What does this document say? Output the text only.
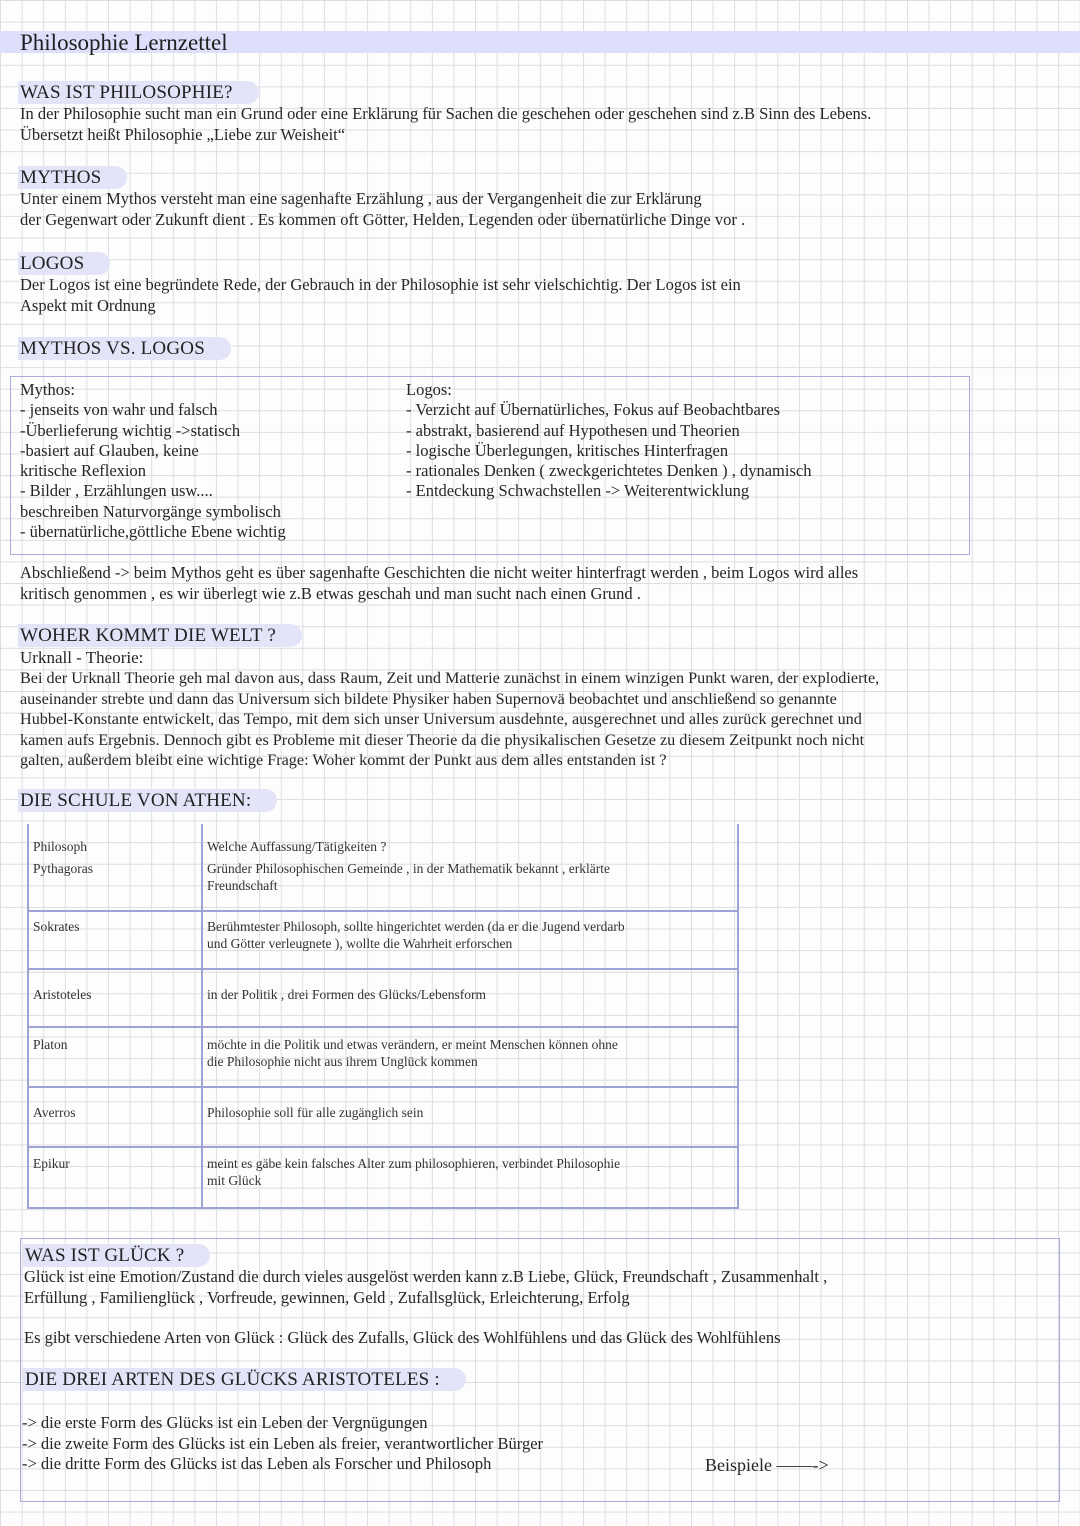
Philosophie Lernzettel
WAS IST PHILOSOPHIE?
In der Philosophie sucht man ein Grund oder eine Erklärung für Sachen die geschehen oder geschehen sind z.B Sinn des Lebens.
Übersetzt heißt Philosophie „Liebe zur Weisheit“
MYTHOS
Unter einem Mythos versteht man eine sagenhafte Erzählung , aus der Vergangenheit die zur Erklärung
der Gegenwart oder Zukunft dient . Es kommen oft Götter, Helden, Legenden oder übernatürliche Dinge vor .
LOGOS
Der Logos ist eine begründete Rede, der Gebrauch in der Philosophie ist sehr vielschichtig. Der Logos ist ein
Aspekt mit Ordnung
MYTHOS VS. LOGOS
Mythos:
- jenseits von wahr und falsch
-Überlieferung wichtig ->statisch
-basiert auf Glauben, keine
kritische Reflexion
- Bilder , Erzählungen usw....
beschreiben Naturvorgänge symbolisch
- übernatürliche,göttliche Ebene wichtig
Logos:
- Verzicht auf Übernatürliches, Fokus auf Beobachtbares
- abstrakt, basierend auf Hypothesen und Theorien
- logische Überlegungen, kritisches Hinterfragen
- rationales Denken ( zweckgerichtetes Denken ) , dynamisch
- Entdeckung Schwachstellen -> Weiterentwicklung
Abschließend -> beim Mythos geht es über sagenhafte Geschichten die nicht weiter hinterfragt werden , beim Logos wird alles
kritisch genommen , es wir überlegt wie z.B etwas geschah und man sucht nach einen Grund .
WOHER KOMMT DIE WELT ?
Urknall - Theorie:
Bei der Urknall Theorie geh mal davon aus, dass Raum, Zeit und Matterie zunächst in einem winzigen Punkt waren, der explodierte,
auseinander strebte und dann das Universum sich bildete Physiker haben Supernovä beobachtet und anschließend so genannte
Hubbel-Konstante entwickelt, das Tempo, mit dem sich unser Universum ausdehnte, ausgerechnet und alles zurück gerechnet und
kamen aufs Ergebnis. Dennoch gibt es Probleme mit dieser Theorie da die physikalischen Gesetze zu diesem Zeitpunkt noch nicht
galten, außerdem bleibt eine wichtige Frage: Woher kommt der Punkt aus dem alles entstanden ist ?
DIE SCHULE VON ATHEN:
Philosoph	Welche Auffassung/Tätigkeiten ?
Pythagoras	Gründer Philosophischen Gemeinde , in der Mathematik bekannt , erklärte
Freundschaft
Sokrates	Berühmtester Philosoph, sollte hingerichtet werden (da er die Jugend verdarb
und Götter verleugnete ), wollte die Wahrheit erforschen
Aristoteles	in der Politik , drei Formen des Glücks/Lebensform
Platon	möchte in die Politik und etwas verändern, er meint Menschen können ohne
die Philosophie nicht aus ihrem Unglück kommen
Averros	Philosophie soll für alle zugänglich sein
Epikur	meint es gäbe kein falsches Alter zum philosophieren, verbindet Philosophie
mit Glück
WAS IST GLÜCK ?
Glück ist eine Emotion/Zustand die durch vieles ausgelöst werden kann z.B Liebe, Glück, Freundschaft , Zusammenhalt ,
Erfüllung , Familienglück , Vorfreude, gewinnen, Geld , Zufallsglück, Erleichterung, Erfolg
Es gibt verschiedene Arten von Glück : Glück des Zufalls, Glück des Wohlfühlens und das Glück des Wohlfühlens
DIE DREI ARTEN DES GLÜCKS ARISTOTELES :
-> die erste Form des Glücks ist ein Leben der Vergnügungen
-> die zweite Form des Glücks ist ein Leben als freier, verantwortlicher Bürger
-> die dritte Form des Glücks ist das Leben als Forscher und Philosoph	Beispiele ——->
